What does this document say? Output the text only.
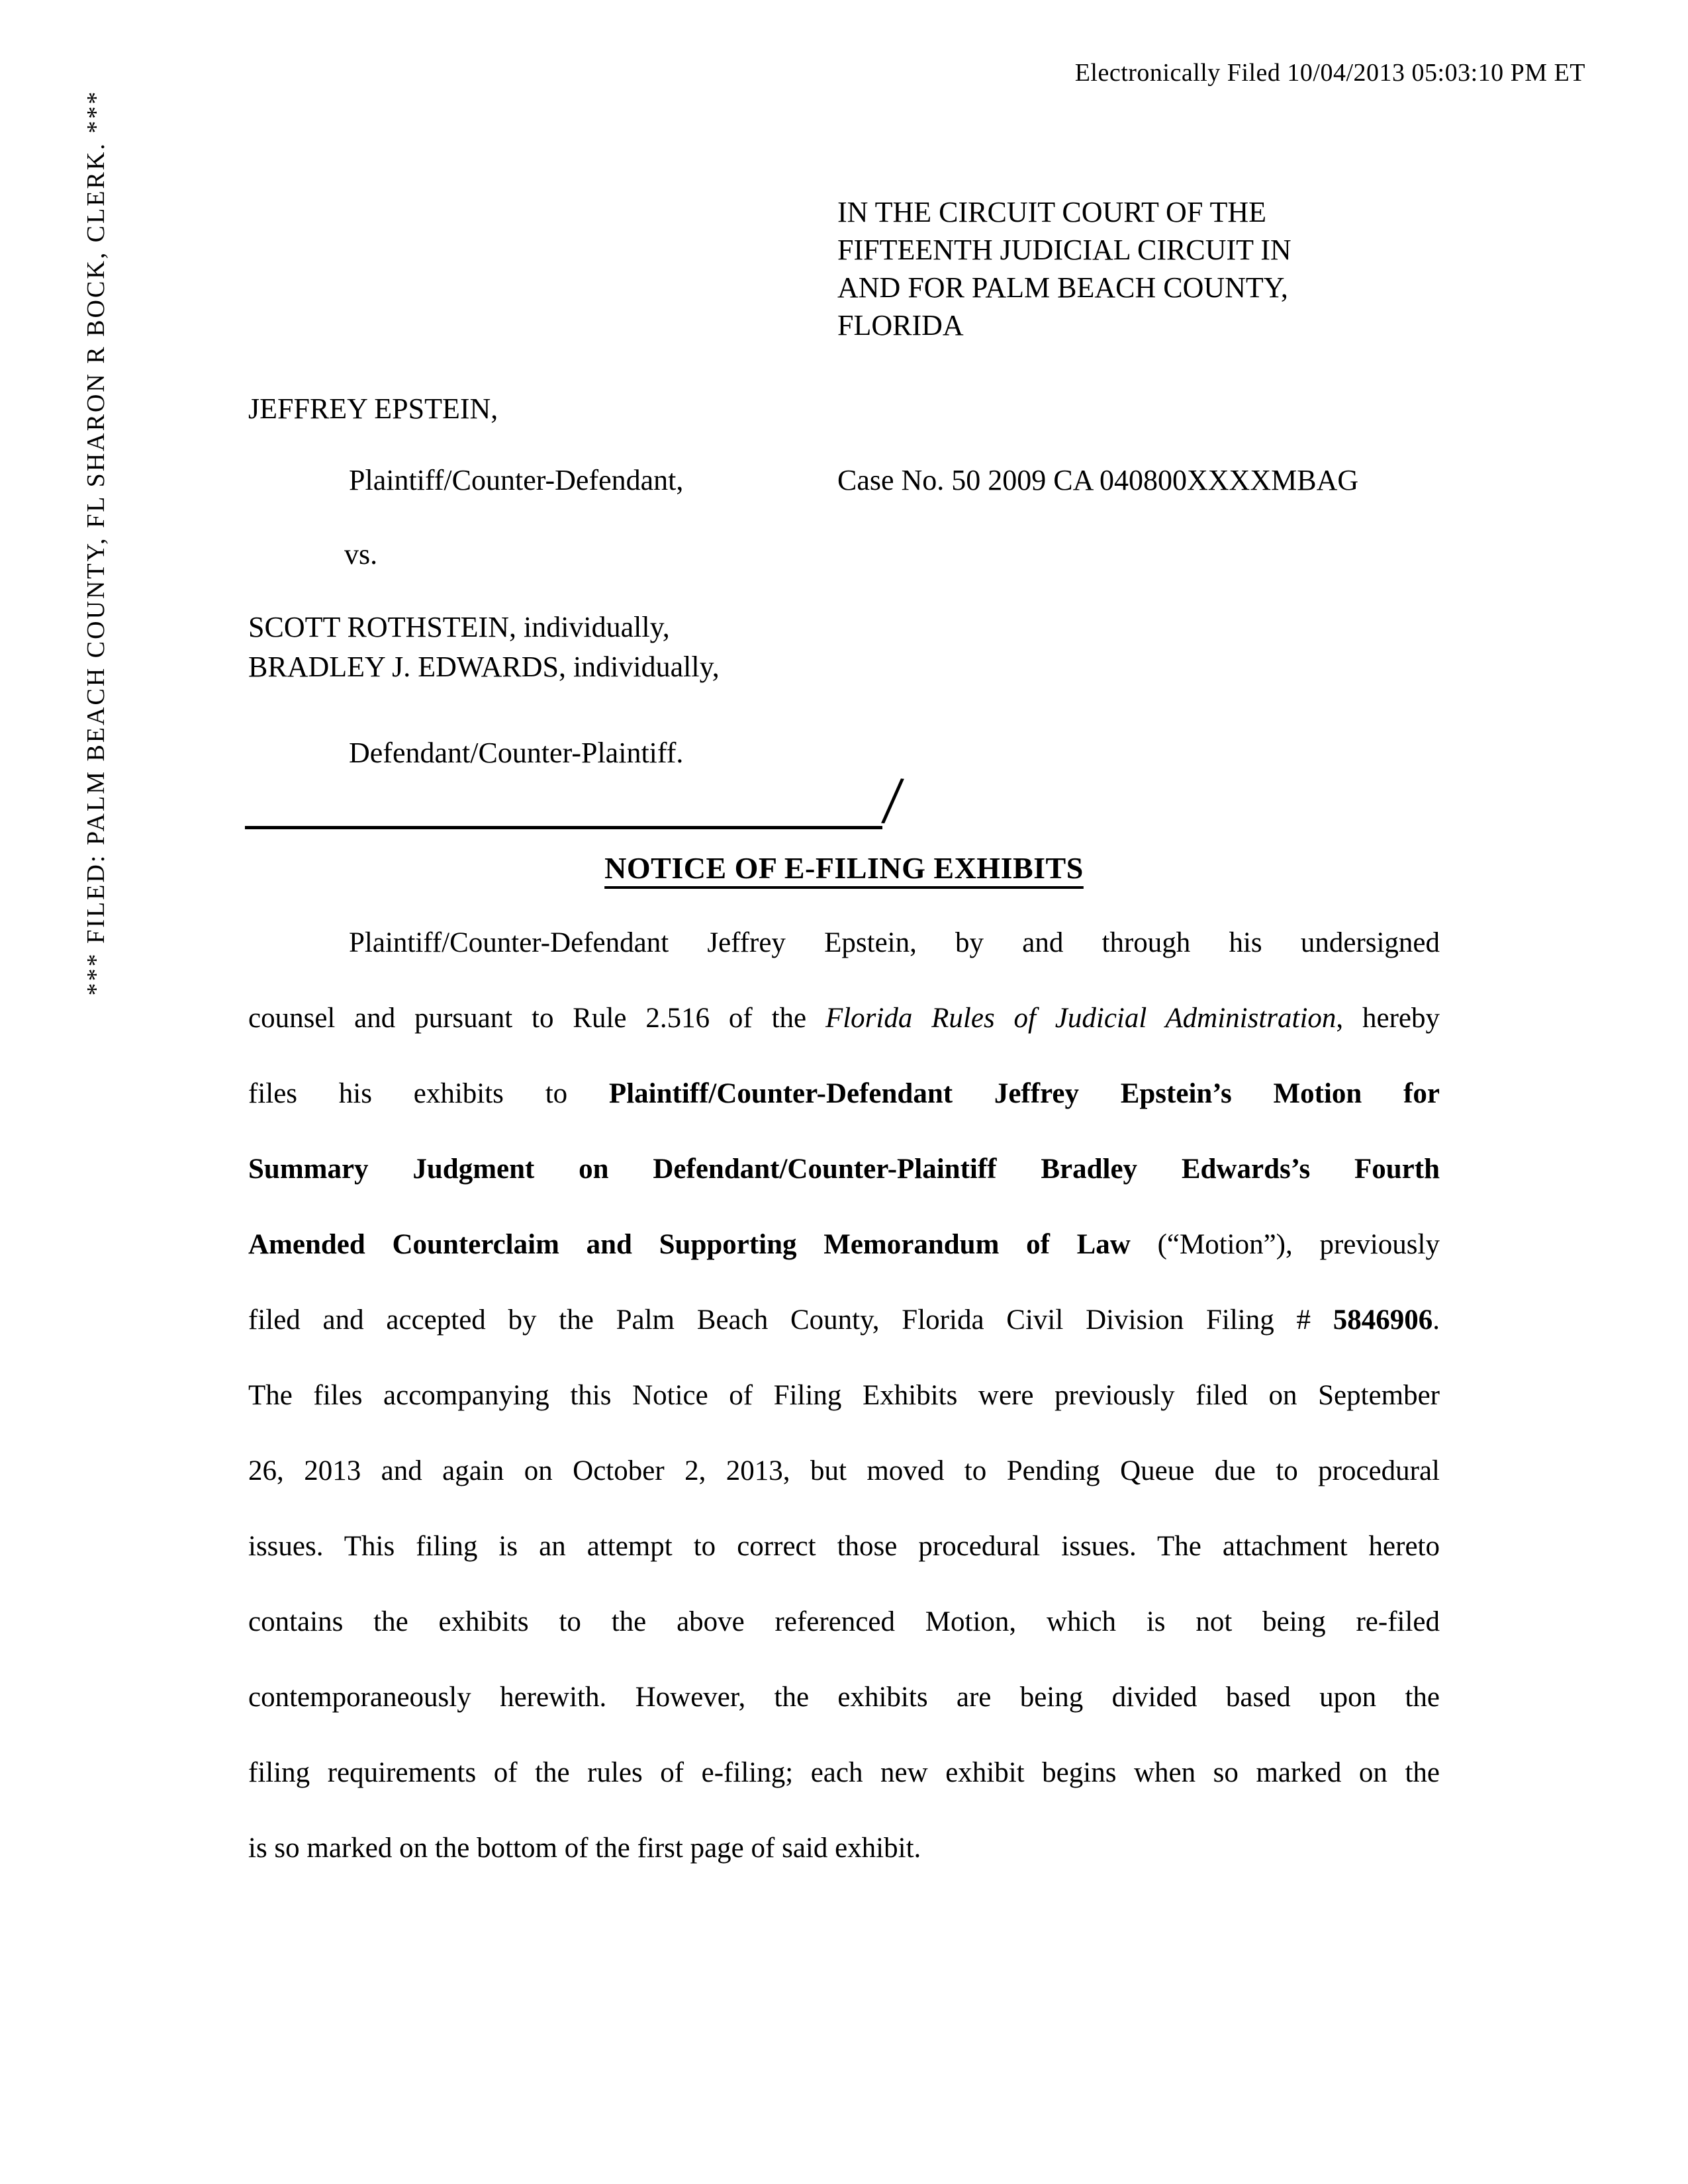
Electronically Filed 10/04/2013 05:03:10 PM ET
*** FILED: PALM BEACH COUNTY, FL SHARON R BOCK, CLERK. ***	IN THE CIRCUIT COURT OF THE
FIFTEENTH JUDICIAL CIRCUIT IN
AND FOR PALM BEACH COUNTY,
FLORIDA
JEFFREY EPSTEIN,
Plaintiff/Counter-Defendant,	Case No. 50 2009 CA 040800XXXXMBAG
vs.
SCOTT ROTHSTEIN, individually,
BRADLEY J. EDWARDS, individually,
Defendant/Counter-Plaintiff.
/
NOTICE OF E-FILING EXHIBITS
Plaintiff/Counter-Defendant Jeffrey Epstein, by and through his undersigned
counsel and pursuant to Rule 2.516 of the Florida Rules of Judicial Administration, hereby
files his exhibits to Plaintiff/Counter-Defendant Jeffrey Epstein’s Motion for
Summary Judgment on Defendant/Counter-Plaintiff Bradley Edwards’s Fourth
Amended Counterclaim and Supporting Memorandum of Law (“Motion”), previously
filed and accepted by the Palm Beach County, Florida Civil Division Filing # 5846906.
The files accompanying this Notice of Filing Exhibits were previously filed on September
26, 2013 and again on October 2, 2013, but moved to Pending Queue due to procedural
issues. This filing is an attempt to correct those procedural issues. The attachment hereto
contains the exhibits to the above referenced Motion, which is not being re-filed
contemporaneously herewith. However, the exhibits are being divided based upon the
filing requirements of the rules of e-filing; each new exhibit begins when so marked on the
is so marked on the bottom of the first page of said exhibit.
